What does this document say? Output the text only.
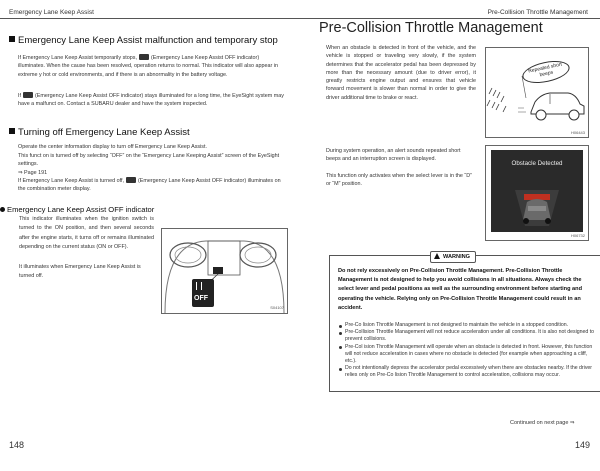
Emergency Lane Keep Assist
Emergency Lane Keep Assist malfunction and temporary stop
If Emergency Lane Keep Assist temporarily stops,	(Emergency Lane Keep Assist OFF indicator) illuminates. When the cause has been resolved, operation returns to normal. This indicator will also appear in extreme y hot or cold environments, and if there is an abnormality in the battery voltage.
If	(Emergency Lane Keep Assist OFF indicator) stays illuminated for a long time, the EyeSight system may have a malfunct on. Contact a SUBARU dealer and have the system inspected.
Turning off Emergency Lane Keep Assist
Operate the center information display to turn off Emergency Lane Keep Assist.
This funct on is turned off by selecting “OFF” on the “Emergency Lane Keeping Assist” screen of the EyeSight settings.
⇒ Page 191
If Emergency Lane Keep Assist is turned off,	(Emergency Lane Keep Assist OFF indicator) illuminates on the combination meter display.
Emergency Lane Keep Assist OFF indicator
This indicator illuminates when the ignition switch is turned to the ON position, and then several seconds after the engine starts, it turns off or remains illuminated depending on the current status (ON or OFF).
It illuminates when Emergency Lane Keep Assist is turned off.
OFF
S04107
148
Pre-Collision Throttle Management
Pre-Collision Throttle Management
When an obstacle is detected in front of the vehicle, and the vehicle is stopped or traveling very slowly, if the system determines that the accelerator pedal has been depressed by more than the necessary amount (due to driver error), it greatly restricts engine output and ensures that vehicle forward movement is slower than normal in order to give the driver additional time to brake or react.
Repeated short beeps
H06443
During system operation, an alert sounds repeated short beeps and an interruption screen is displayed.
This function only activates when the select lever is in the “D” or “M” position.
Obstacle Detected
H06732
WARNING
Do not rely excessively on Pre-Collision Throttle Management. Pre-Collision Throttle Management is not designed to help you avoid collisions in all situations. Always check the select lever and pedal positions as well as the surrounding environment before starting and operating the vehicle. Relying only on Pre-Collision Throttle Management could result in an accident.
Pre-Co lision Throttle Management is not designed to maintain the vehicle in a stopped condition.
Pre-Collision Throttle Management will not reduce acceleration under all conditions. It is also not designed to prevent collisions.
Pre-Col ision Throttle Management will operate when an obstacle is detected in front. However, this function will not reduce acceleration in cases where no obstacle is detected (for example when approaching a cliff, etc.).
Do not intentionally depress the accelerator pedal excessively when there are obstacles nearby. If the driver relies only on Pre-Co lision Throttle Management to control acceleration, collisions may occur.
Continued on next page ⇒
149
